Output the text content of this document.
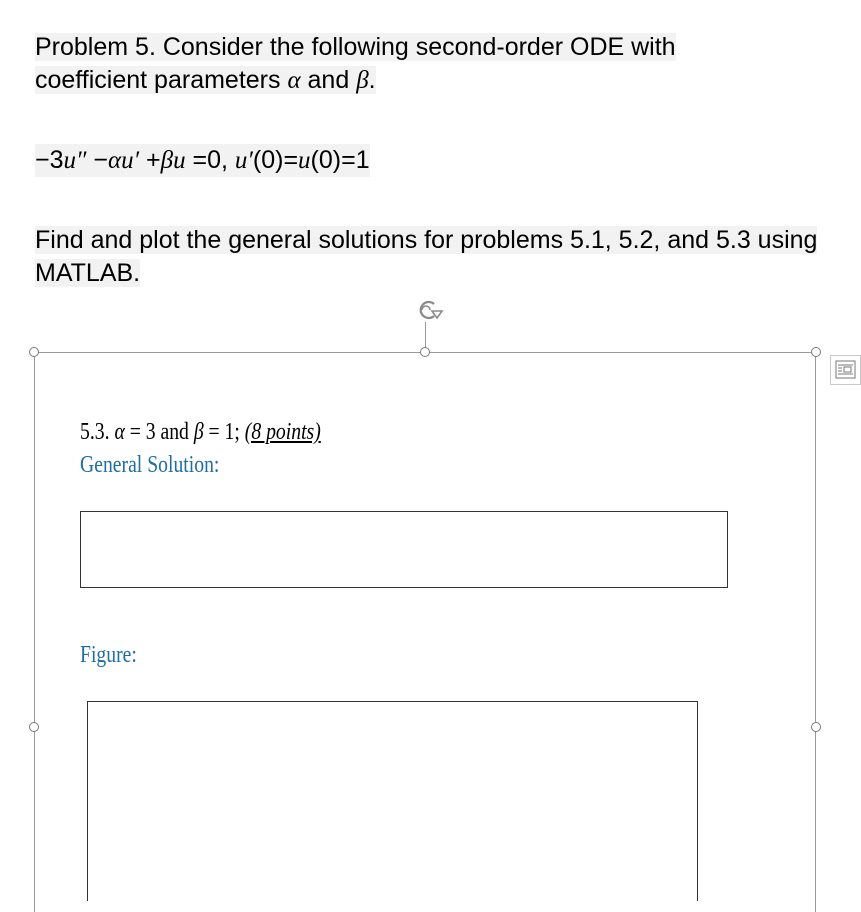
Problem 5. Consider the following second-order ODE with
coefficient parameters α and β.
−3u″ −αu′ +βu =0, u′(0)=u(0)=1
Find and plot the general solutions for problems 5.1, 5.2, and 5.3 using MATLAB.
5.3. α = 3 and β = 1; (8 points)
General Solution:
Figure:
